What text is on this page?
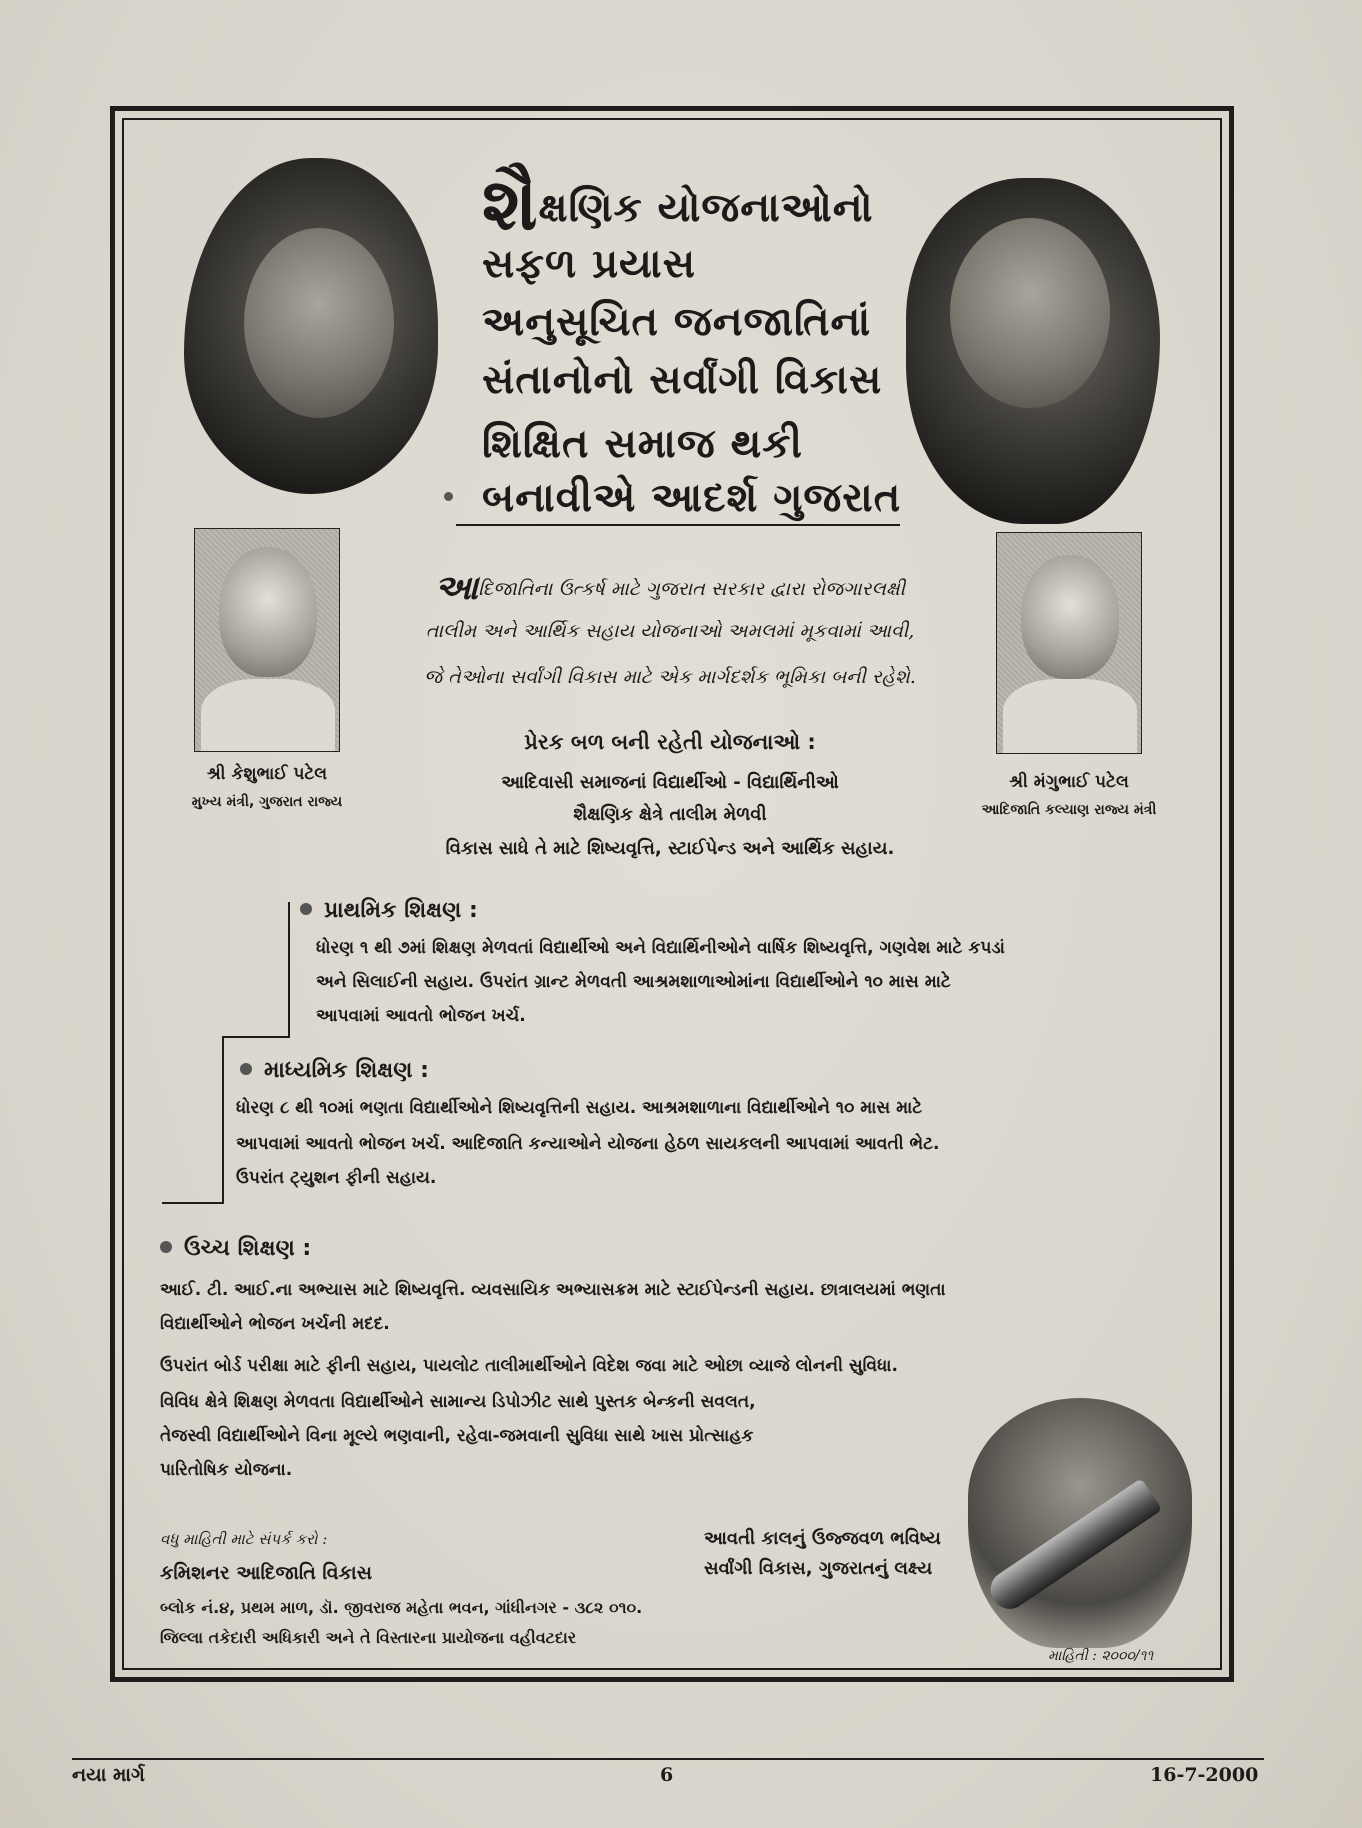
શૈક્ષણિક યોજનાઓનો
સફળ પ્રયાસ
અનુસૂચિત જનજાતિનાં
સંતાનોનો સર્વાંગી વિકાસ
શિક્ષિત સમાજ થકી
બનાવીએ આદર્શ ગુજરાત
શ્રી કેશુભાઈ પટેલ
મુખ્ય મંત્રી, ગુજરાત રાજ્ય
શ્રી મંગુભાઈ પટેલ
આદિજાતિ કલ્યાણ રાજ્ય મંત્રી
આદિજાતિના ઉત્કર્ષ માટે ગુજરાત સરકાર દ્વારા રોજગારલક્ષી
તાલીમ અને આર્થિક સહાય યોજનાઓ અમલમાં મૂકવામાં આવી,
જે તેઓના સર્વાંગી વિકાસ માટે એક માર્ગદર્શક ભૂમિકા બની રહેશે.
પ્રેરક બળ બની રહેતી યોજનાઓ :
આદિવાસી સમાજનાં વિદ્યાર્થીઓ - વિદ્યાર્થિનીઓ
શૈક્ષણિક ક્ષેત્રે તાલીમ મેળવી
વિકાસ સાધે તે માટે શિષ્યવૃત્તિ, સ્ટાઈપેન્ડ અને આર્થિક સહાય.
પ્રાથમિક શિક્ષણ :
ધોરણ ૧ થી ૭માં શિક્ષણ મેળવતાં વિદ્યાર્થીઓ અને વિદ્યાર્થિનીઓને વાર્ષિક શિષ્યવૃત્તિ, ગણવેશ માટે કપડાં
અને સિલાઈની સહાય. ઉપરાંત ગ્રાન્ટ મેળવતી આશ્રમશાળાઓમાંના વિદ્યાર્થીઓને ૧૦ માસ માટે
આપવામાં આવતો ભોજન ખર્ચ.
માધ્યમિક શિક્ષણ :
ધોરણ ૮ થી ૧૦માં ભણતા વિદ્યાર્થીઓને શિષ્યવૃત્તિની સહાય. આશ્રમશાળાના વિદ્યાર્થીઓને ૧૦ માસ માટે
આપવામાં આવતો ભોજન ખર્ચ. આદિજાતિ કન્યાઓને યોજના હેઠળ સાયકલની આપવામાં આવતી ભેટ.
ઉપરાંત ટ્યુશન ફીની સહાય.
ઉચ્ચ શિક્ષણ :
આઈ. ટી. આઈ.ના અભ્યાસ માટે શિષ્યવૃત્તિ. વ્યવસાયિક અભ્યાસક્રમ માટે સ્ટાઈપેન્ડની સહાય. છાત્રાલયમાં ભણતા
વિદ્યાર્થીઓને ભોજન ખર્ચની મદદ.
ઉપરાંત બોર્ડ પરીક્ષા માટે ફીની સહાય, પાયલોટ તાલીમાર્થીઓને વિદેશ જવા માટે ઓછા વ્યાજે લોનની સુવિધા.
વિવિધ ક્ષેત્રે શિક્ષણ મેળવતા વિદ્યાર્થીઓને સામાન્ય ડિપોઝીટ સાથે પુસ્તક બેન્કની સવલત,
તેજસ્વી વિદ્યાર્થીઓને વિના મૂલ્યે ભણવાની, રહેવા-જમવાની સુવિધા સાથે ખાસ પ્રોત્સાહક
પારિતોષિક યોજના.
વધુ માહિતી માટે સંપર્ક કરો :
કમિશનર આદિજાતિ વિકાસ
બ્લોક નં.૪, પ્રથમ માળ, ડૉ. જીવરાજ મહેતા ભવન, ગાંધીનગર - ૩૮૨ ૦૧૦.
જિલ્લા તકેદારી અધિકારી અને તે વિસ્તારના પ્રાયોજના વહીવટદાર
આવતી કાલનું ઉજ્જવળ ભવિષ્ય
સર્વાંગી વિકાસ, ગુજરાતનું લક્ષ્ય
માહિતી : ૨૦૦૦/૧૧
નયા માર્ગ	6	16-7-2000
